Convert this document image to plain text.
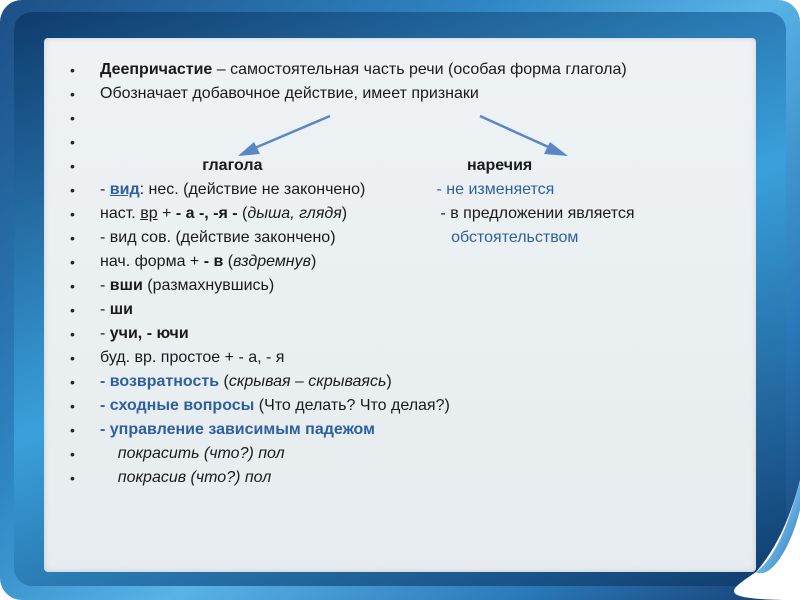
• Деепричастие – самостоятельная часть речи (особая форма глагола)
• Обозначает добавочное действие, имеет признаки
•

•

•	глагола	наречия
• - вид: нес. (действие не закончено)                - не изменяется
• наст. вр + - а -, -я - (дыша, глядя)                     - в предложении является
• - вид сов. (действие закончено)                          обстоятельством
• нач. форма + - в (вздремнув)
• - вши (размахнувшись)
• - ши
• - учи, - ючи
• буд. вр. простое + - а, - я
• - возвратность (скрывая – скрываясь)
• - сходные вопросы (Что делать? Что делая?)
• - управление зависимым падежом
•	покрасить (что?) пол
•	покрасив (что?) пол
